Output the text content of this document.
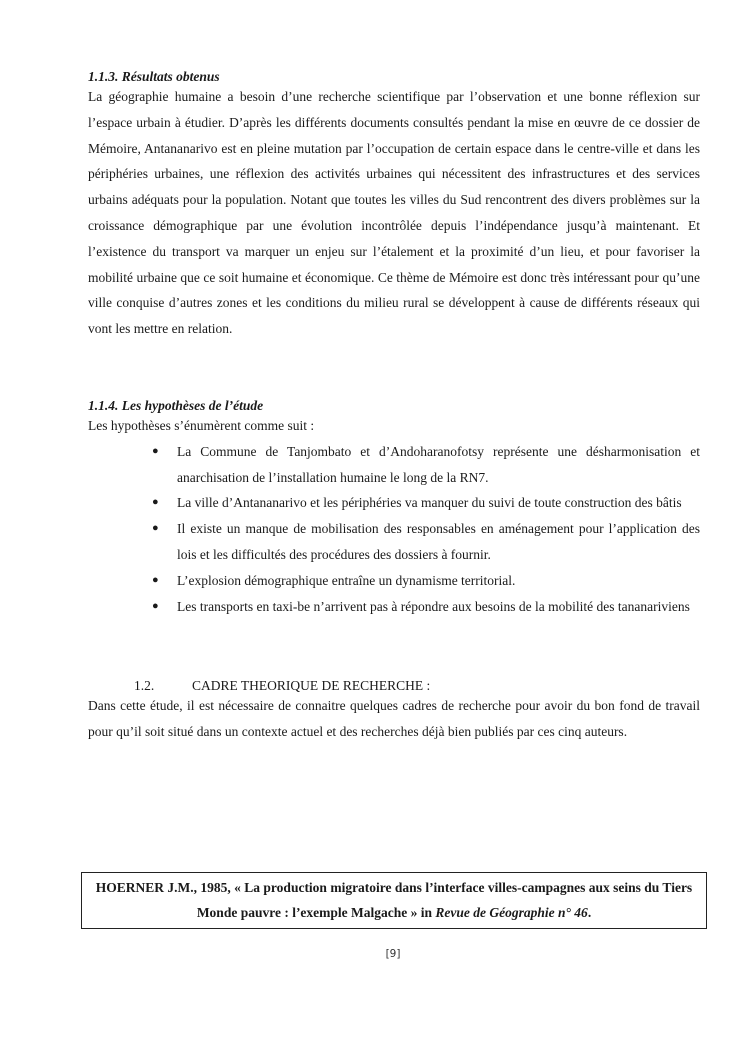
1.1.3. Résultats obtenus

La géographie humaine a besoin d’une recherche scientifique par l’observation et une bonne réflexion sur l’espace urbain à étudier. D’après les différents documents consultés pendant la mise en œuvre de ce dossier de Mémoire, Antananarivo est en pleine mutation par l’occupation de certain espace dans le centre-ville et dans les périphéries urbaines, une réflexion des activités urbaines qui nécessitent des infrastructures et des services urbains adéquats pour la population. Notant que toutes les villes du Sud rencontrent des divers problèmes sur la croissance démographique par une évolution incontrôlée depuis l’indépendance jusqu’à maintenant. Et l’existence du transport va marquer un enjeu sur l’étalement et la proximité d’un lieu, et pour favoriser la mobilité urbaine que ce soit humaine et économique. Ce thème de Mémoire est donc très intéressant pour qu’une ville conquise d’autres zones et les conditions du milieu rural se développent à cause de différents réseaux qui vont les mettre en relation.

1.1.4. Les hypothèses de l’étude

Les hypothèses s’énumèrent comme suit :

● La Commune de Tanjombato et d’Andoharanofotsy représente une désharmonisation et anarchisation de l’installation humaine le long de la RN7.
● La ville d’Antananarivo et les périphéries va manquer du suivi de toute construction des bâtis
● Il existe un manque de mobilisation des responsables en aménagement pour l’application des lois et les difficultés des procédures des dossiers à fournir.
● L’explosion démographique entraîne un dynamisme territorial.
● Les transports en taxi-be n’arrivent pas à répondre aux besoins de la mobilité des tananariviens

1.2.	CADRE THEORIQUE DE RECHERCHE :

Dans cette étude, il est nécessaire de connaitre quelques cadres de recherche pour avoir du bon fond de travail pour qu’il soit situé dans un contexte actuel et des recherches déjà bien publiés par ces cinq auteurs.

HOERNER J.M., 1985, « La production migratoire dans l’interface villes-campagnes aux seins du Tiers Monde pauvre : l’exemple Malgache » in Revue de Géographie n° 46.
[9]
